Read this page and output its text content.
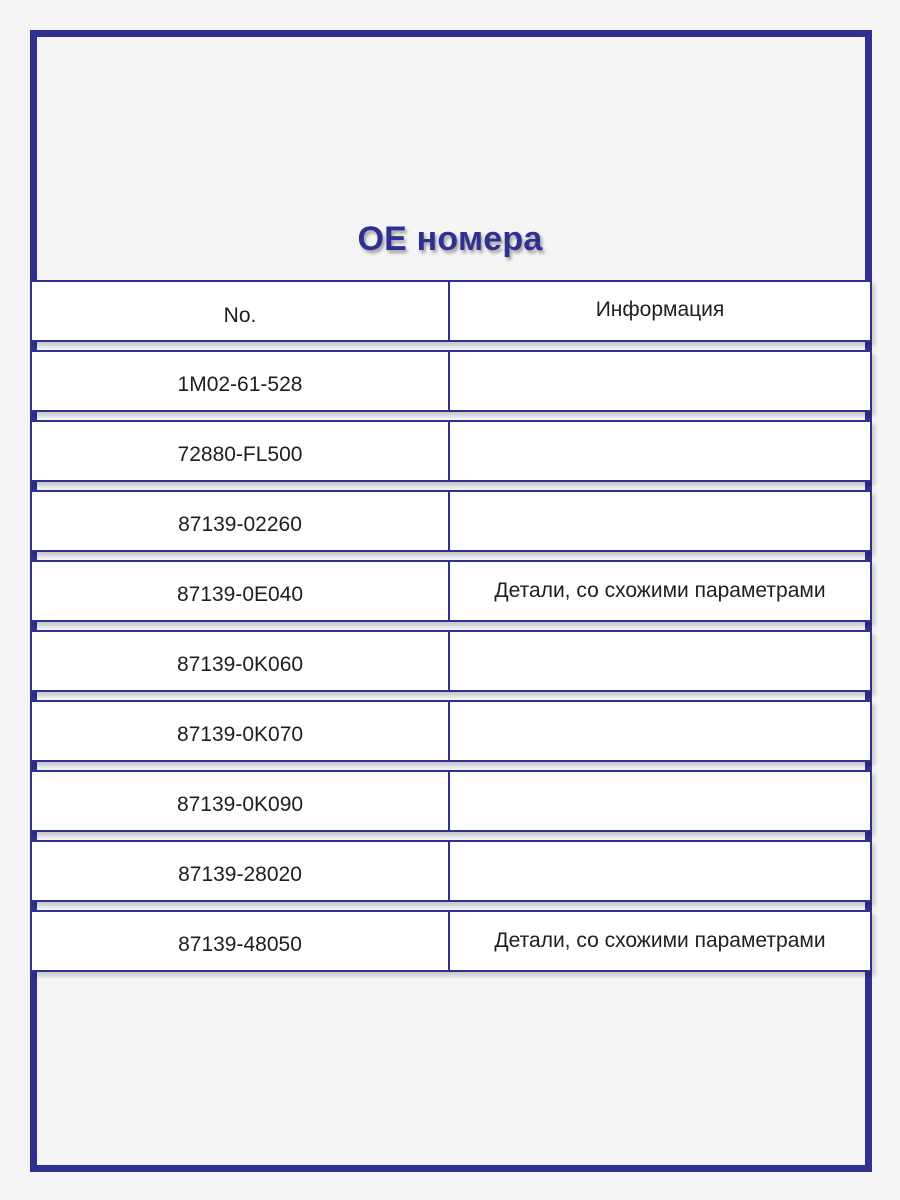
OE номера
No.	Информация
1M02-61-528
72880-FL500
87139-02260
87139-0E040	Детали, со схожими параметрами
87139-0K060
87139-0K070
87139-0K090
87139-28020
87139-48050	Детали, со схожими параметрами
